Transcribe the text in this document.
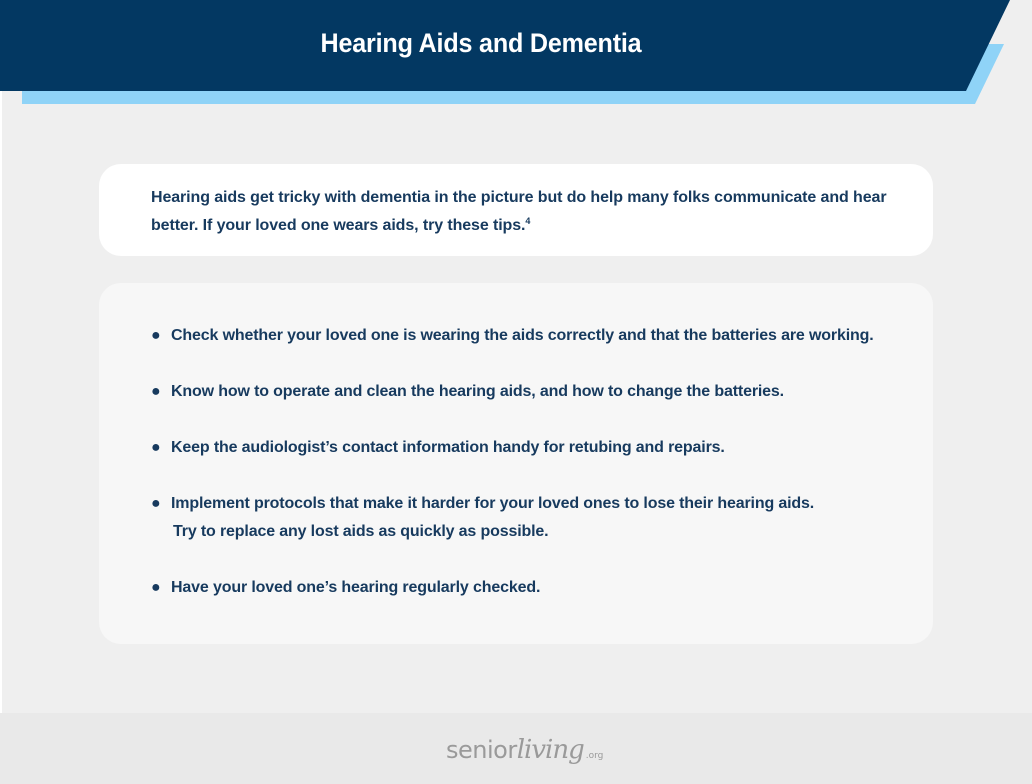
Hearing Aids and Dementia
Hearing aids get tricky with dementia in the picture but do help many folks communicate and hear better. If your loved one wears aids, try these tips.$^4$
● Check whether your loved one is wearing the aids correctly and that the batteries are working.
● Know how to operate and clean the hearing aids, and how to change the batteries.
● Keep the audiologist’s contact information handy for retubing and repairs.
● Implement protocols that make it harder for your loved ones to lose their hearing aids.
Try to replace any lost aids as quickly as possible.
● Have your loved one’s hearing regularly checked.
seniorliving .org
